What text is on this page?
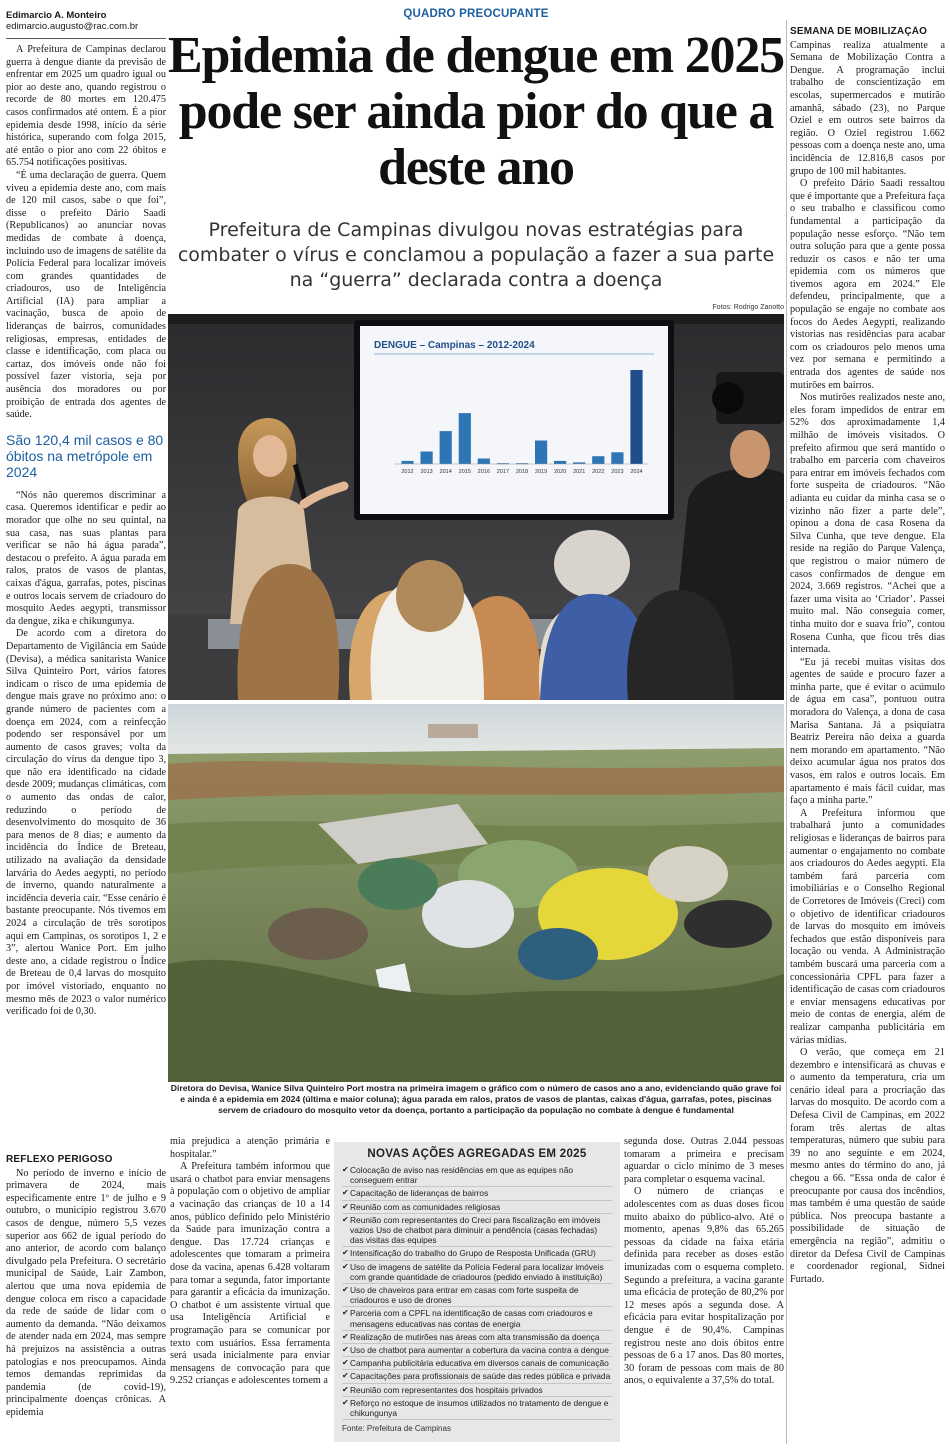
Edimarcio A. Monteiro
edimarcio.augusto@rac.com.br
QUADRO PREOCUPANTE
Epidemia de dengue em 2025 pode ser ainda pior do que a deste ano
Prefeitura de Campinas divulgou novas estratégias para combater o vírus e conclamou a população a fazer a sua parte na “guerra” declarada contra a doença
Fotos: Rodrigo Zanotto

A Prefeitura de Campinas declarou guerra à dengue diante da previsão de enfrentar em 2025 um quadro igual ou pior ao deste ano, quando registrou o recorde de 80 mortes em 120.475 casos confirmados até ontem. É a pior epidemia desde 1998, início da série histórica, superando com folga 2015, até então o pior ano com 22 óbitos e 65.754 notificações positivas.

“É uma declaração de guerra. Quem viveu a epidemia deste ano, com mais de 120 mil casos, sabe o que foi”, disse o prefeito Dário Saadi (Republicanos) ao anunciar novas medidas de combate à doença, incluindo uso de imagens de satélite da Polícia Federal para localizar imóveis com grandes quantidades de criadouros, uso de Inteligência Artificial (IA) para ampliar a vacinação, busca de apoio de lideranças de bairros, comunidades religiosas, empresas, entidades de classe e identificação, com placa ou cartaz, dos imóveis onde não foi possível fazer vistoria, seja por ausência dos moradores ou por proibição de entrada dos agentes de saúde.

São 120,4 mil casos e 80 óbitos na metrópole em 2024

“Nós não queremos discriminar a casa. Queremos identificar e pedir ao morador que olhe no seu quintal, na sua casa, nas suas plantas para verificar se não há água parada”, destacou o prefeito. A água parada em ralos, pratos de vasos de plantas, caixas d'água, garrafas, potes, piscinas e outros locais servem de criadouro do mosquito Aedes aegypti, transmissor da dengue, zika e chikungunya.

De acordo com a diretora do Departamento de Vigilância em Saúde (Devisa), a médica sanitarista Wanice Silva Quinteiro Port, vários fatores indicam o risco de uma epidemia de dengue mais grave no próximo ano: o grande número de pacientes com a doença em 2024, com a reinfecção podendo ser responsável por um aumento de casos graves; volta da circulação do vírus da dengue tipo 3, que não era identificado na cidade desde 2009; mudanças climáticas, com o aumento das ondas de calor, reduzindo o período de desenvolvimento do mosquito de 36 para menos de 8 dias; e aumento da incidência do Índice de Breteau, utilizado na avaliação da densidade larvária do Aedes aegypti, no período de inverno, quando naturalmente a incidência deveria cair. “Esse cenário é bastante preocupante. Nós tivemos em 2024 a circulação de três sorotipos aqui em Campinas, os sorotipos 1, 2 e 3”, alertou Wanice Port. Em julho deste ano, a cidade registrou o Índice de Breteau de 0,4 larvas do mosquito por imóvel vistoriado, enquanto no mesmo mês de 2023 o valor numérico verificado foi de 0,30.

SEMANA DE MOBILIZAÇÃO

Campinas realiza atualmente a Semana de Mobilização Contra a Dengue. A programação inclui trabalho de conscientização em escolas, supermercados e mutirão amanhã, sábado (23), no Parque Oziel e em outros sete bairros da região. O Oziel registrou 1.662 pessoas com a doença neste ano, uma incidência de 12.816,8 casos por grupo de 100 mil habitantes.

O prefeito Dário Saadi ressaltou que é importante que a Prefeitura faça o seu trabalho e classificou como fundamental a participação da população nesse esforço. “Não tem outra solução para que a gente possa reduzir os casos e não ter uma epidemia com os números que tivemos agora em 2024.” Ele defendeu, principalmente, que a população se engaje no combate aos focos do Aedes Aegypti, realizando vistorias nas residências para acabar com os criadouros pelo menos uma vez por semana e permitindo a entrada dos agentes de saúde nos mutirões em bairros.

Nos mutirões realizados neste ano, eles foram impedidos de entrar em 52% dos aproximadamente 1,4 milhão de imóveis visitados. O prefeito afirmou que será mantido o trabalho em parceria com chaveiros para entrar em imóveis fechados com forte suspeita de criadouros. “Não adianta eu cuidar da minha casa se o vizinho não fizer a parte dele”, opinou a dona de casa Rosenа da Silva Cunha, que teve dengue. Ela reside na região do Parque Valença, que registrou o maior número de casos confirmados de dengue em 2024, 3.669 registros. “Achei que a fazer uma visita ao ‘Criador’. Passei muito mal. Não conseguia comer, tinha muito dor e suava frio”, contou Rosena Cunha, que ficou três dias internada.

“Eu já recebi muitas visitas dos agentes de saúde e procuro fazer a minha parte, que é evitar o acúmulo de água em casa”, pontuou outra moradora do Valença, a dona de casa Marisa Santana. Já a psiquiatra Beatriz Pereira não deixa a guarda nem morando em apartamento. “Não deixo acumular água nos pratos dos vasos, em ralos e outros locais. Em apartamento é mais fácil cuidar, mas faço a minha parte.”

A Prefeitura informou que trabalhará junto a comunidades religiosas e lideranças de bairros para aumentar o engajamento no combate aos criadouros do Aedes aegypti. Ela também fará parceria com imobiliárias e o Conselho Regional de Corretores de Imóveis (Creci) com o objetivo de identificar criadouros de larvas do mosquito em imóveis fechados que estão disponíveis para locação ou venda. A Administração também buscará uma parceria com a concessionária CPFL para fazer a identificação de casas com criadouros e enviar mensagens educativas por meio de contas de energia, além de realizar campanha publicitária em várias mídias.

O verão, que começa em 21 dezembro e intensificará as chuvas e o aumento da temperatura, cria um cenário ideal para a procriação das larvas do mosquito. De acordo com a Defesa Civil de Campinas, em 2022 foram três alertas de altas temperaturas, número que subiu para 39 no ano seguinte e em 2024, mesmo antes do término do ano, já chegou a 66. “Essa onda de calor é preocupante por causa dos incêndios, mas também é uma questão de saúde pública. Nos preocupa bastante a possibilidade de situação de emergência na região”, admitiu o diretor da Defesa Civil de Campinas e coordenador regional, Sidnei Furtado.

DENGUE – Campinas – 2012-2024
2012 2013 2014 2015 2016 2017 2018 2019 2020 2021 2022 2023 2024
Diretora do Devisa, Wanice Silva Quinteiro Port mostra na primeira imagem o gráfico com o número de casos ano a ano, evidenciando quão grave foi e ainda é a epidemia em 2024 (última e maior coluna); água parada em ralos, pratos de vasos de plantas, caixas d'água, garrafas, potes, piscinas servem de criadouro do mosquito vetor da doença, portanto a participação da população no combate à dengue é fundamental
REFLEXO PERIGOSO

No período de inverno e início de primavera de 2024, mais especificamente entre 1º de julho e 9 outubro, o município registrou 3.670 casos de dengue, número 5,5 vezes superior aos 662 de igual período do ano anterior, de acordo com balanço divulgado pela Prefeitura. O secretário municipal de Saúde, Lair Zambon, alertou que uma nova epidemia de dengue coloca em risco a capacidade da rede de saúde de lidar com o aumento da demanda. “Não deixamos de atender nada em 2024, mas sempre há prejuízos na assistência a outras patologias e nos preocupamos. Ainda temos demandas reprimidas da pandemia (de covid-19), principalmente doenças crônicas. A epidemia

mia prejudica a atenção primária e hospitalar.”

A Prefeitura também informou que usará o chatbot para enviar mensagens à população com o objetivo de ampliar a vacinação das crianças de 10 a 14 anos, público definido pelo Ministério da Saúde para imunização contra a dengue. Das 17.724 crianças e adolescentes que tomaram a primeira dose da vacina, apenas 6.428 voltaram para tomar a segunda, fator importante para garantir a eficácia da imunização. O chatbot é um assistente virtual que usa Inteligência Artificial e programação para se comunicar por texto com usuários. Essa ferramenta será usada inicialmente para enviar mensagens de convocação para que 9.252 crianças e adolescentes tomem a

NOVAS AÇÕES AGREGADAS EM 2025
✔ Colocação de aviso nas residências em que as equipes não conseguem entrar
✔ Capacitação de lideranças de bairros
✔ Reunião com as comunidades religiosas
✔ Reunião com representantes do Creci para fiscalização em imóveis vazios Uso de chatbot para diminuir a pendência (casas fechadas) das visitas das equipes
✔ Intensificação do trabalho do Grupo de Resposta Unificada (GRU)
✔ Uso de imagens de satélite da Polícia Federal para localizar imóveis com grande quantidade de criadouros (pedido enviado à instituição)
✔ Uso de chaveiros para entrar em casas com forte suspeita de criadouros e uso de drones
✔ Parceria com a CPFL na identificação de casas com criadouros e mensagens educativas nas contas de energia
✔ Realização de mutirões nas áreas com alta transmissão da doença
✔ Uso de chatbot para aumentar a cobertura da vacina contra a dengue
✔ Campanha publicitária educativa em diversos canais de comunicação
✔ Capacitações para profissionais de saúde das redes pública e privada
✔ Reunião com representantes dos hospitais privados
✔ Reforço no estoque de insumos utilizados no tratamento de dengue e chikungunya
Fonte: Prefeitura de Campinas

segunda dose. Outras 2.044 pessoas tomaram a primeira e precisam aguardar o ciclo mínimo de 3 meses para completar o esquema vacinal.

O número de crianças e adolescentes com as duas doses ficou muito abaixo do público-alvo. Até o momento, apenas 9,8% das 65.265 pessoas da cidade na faixa etária definida para receber as doses estão imunizadas com o esquema completo. Segundo a prefeitura, a vacina garante uma eficácia de proteção de 80,2% por 12 meses após a segunda dose. A eficácia para evitar hospitalização por dengue é de 90,4%. Campinas registrou neste ano dois óbitos entre pessoas de 6 a 17 anos. Das 80 mortes, 30 foram de pessoas com mais de 80 anos, o equivalente a 37,5% do total.
